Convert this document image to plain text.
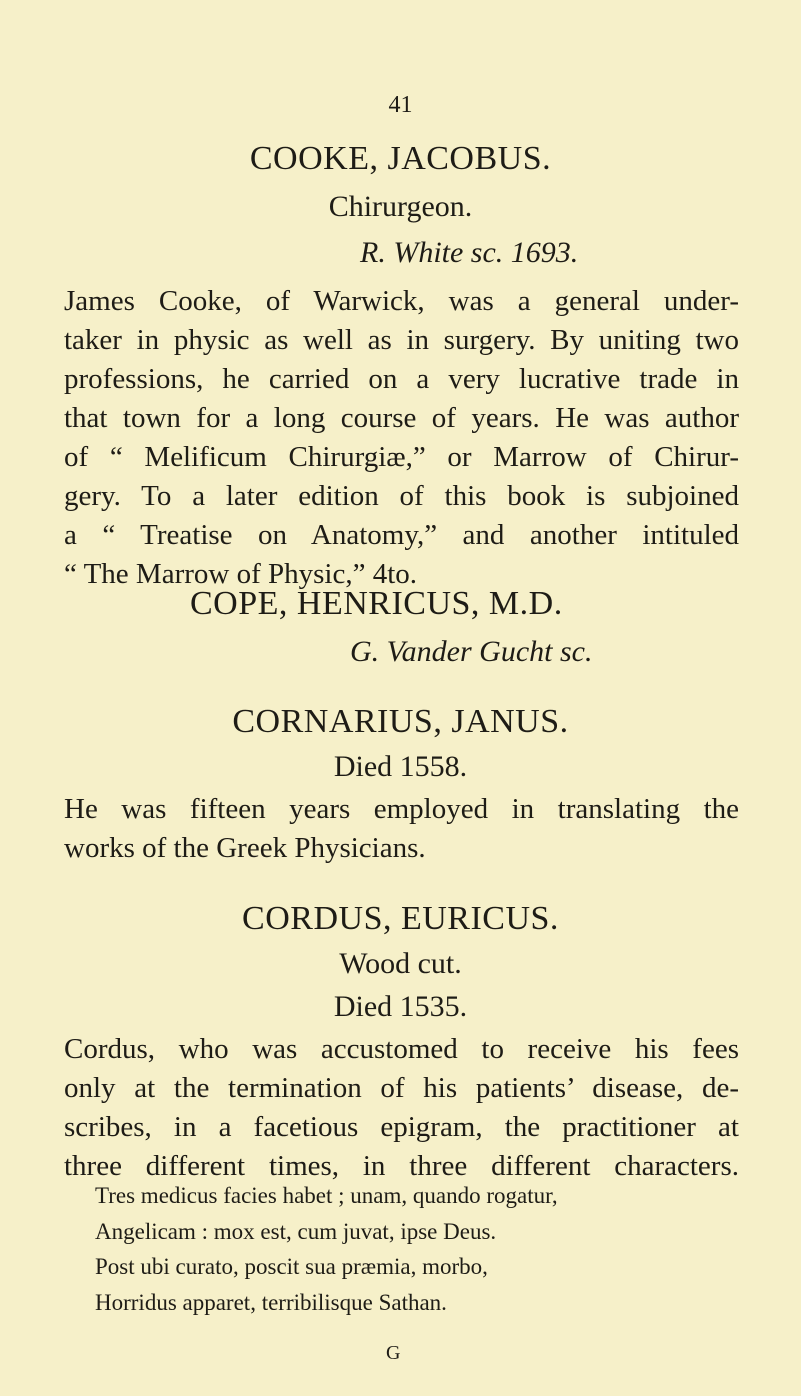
41
COOKE, JACOBUS.
Chirurgeon.
R. White sc. 1693.
James Cooke, of Warwick, was a general under-
taker in physic as well as in surgery. By uniting two
professions, he carried on a very lucrative trade in
that town for a long course of years. He was author
of “ Melificum Chirurgiæ,” or Marrow of Chirur-
gery. To a later edition of this book is subjoined
a “ Treatise on Anatomy,” and another intituled
“ The Marrow of Physic,” 4to.
COPE, HENRICUS, M.D.
G. Vander Gucht sc.
CORNARIUS, JANUS.
Died 1558.
He was fifteen years employed in translating the
works of the Greek Physicians.
CORDUS, EURICUS.
Wood cut.
Died 1535.
Cordus, who was accustomed to receive his fees
only at the termination of his patients’ disease, de-
scribes, in a facetious epigram, the practitioner at
three different times, in three different characters.
Tres medicus facies habet ; unam, quando rogatur,
Angelicam : mox est, cum juvat, ipse Deus.
Post ubi curato, poscit sua præmia, morbo,
Horridus apparet, terribilisque Sathan.
G
